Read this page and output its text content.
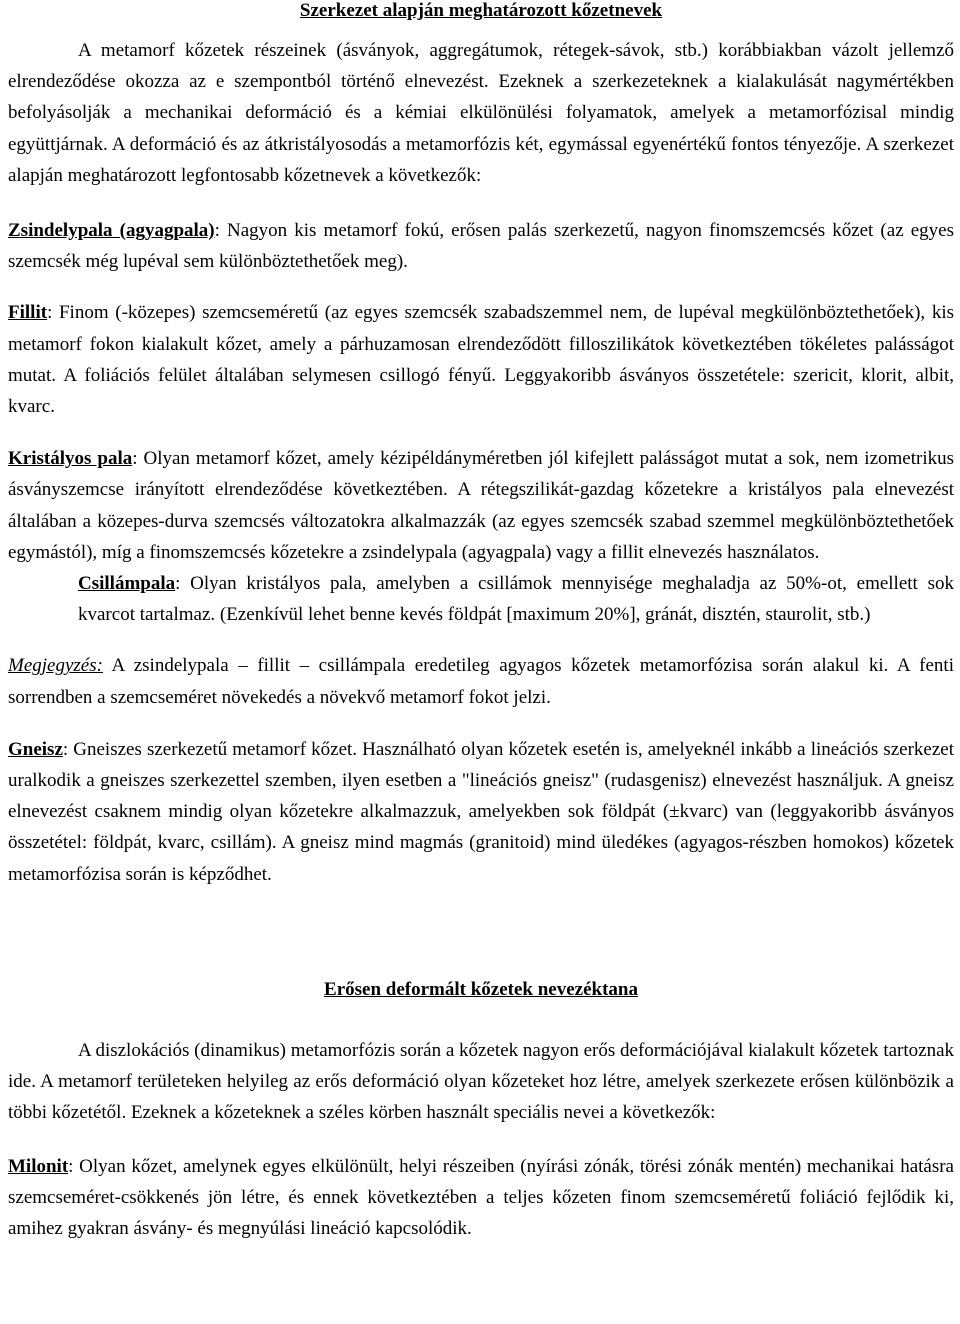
Szerkezet alapján meghatározott kőzetnevek

A metamorf kőzetek részeinek (ásványok, aggregátumok, rétegek-sávok, stb.) korábbiakban vázolt jellemző elrendeződése okozza az e szempontból történő elnevezést. Ezeknek a szerkezeteknek a kialakulását nagymértékben befolyásolják a mechanikai deformáció és a kémiai elkülönülési folyamatok, amelyek a metamorfózisal mindig együttjárnak. A deformáció és az átkristályosodás a metamorfózis két, egymással egyenértékű fontos tényezője. A szerkezet alapján meghatározott legfontosabb kőzetnevek a következők:

Zsindelypala (agyagpala): Nagyon kis metamorf fokú, erősen palás szerkezetű, nagyon finomszemcsés kőzet (az egyes szemcsék még lupéval sem különböztethetőek meg).

Fillit: Finom (-közepes) szemcseméretű (az egyes szemcsék szabadszemmel nem, de lupéval megkülönböztethetőek), kis metamorf fokon kialakult kőzet, amely a párhuzamosan elrendeződött filloszilikátok következtében tökéletes palásságot mutat. A foliációs felület általában selymesen csillogó fényű. Leggyakoribb ásványos összetétele: szericit, klorit, albit, kvarc.

Kristályos pala: Olyan metamorf kőzet, amely kézipéldányméretben jól kifejlett palásságot mutat a sok, nem izometrikus ásványszemcse irányított elrendeződése következtében. A rétegszilikát-gazdag kőzetekre a kristályos pala elnevezést általában a közepes-durva szemcsés változatokra alkalmazzák (az egyes szemcsék szabad szemmel megkülönböztethetőek egymástól), míg a finomszemcsés kőzetekre a zsindelypala (agyagpala) vagy a fillit elnevezés használatos.

Csillámpala: Olyan kristályos pala, amelyben a csillámok mennyisége meghaladja az 50%-ot, emellett sok kvarcot tartalmaz. (Ezenkívül lehet benne kevés földpát [maximum 20%], gránát, disztén, staurolit, stb.)

Megjegyzés: A zsindelypala – fillit – csillámpala eredetileg agyagos kőzetek metamorfózisa során alakul ki. A fenti sorrendben a szemcseméret növekedés a növekvő metamorf fokot jelzi.

Gneisz: Gneiszes szerkezetű metamorf kőzet. Használható olyan kőzetek esetén is, amelyeknél inkább a lineációs szerkezet uralkodik a gneiszes szerkezettel szemben, ilyen esetben a "lineációs gneisz" (rudasgenisz) elnevezést használjuk. A gneisz elnevezést csaknem mindig olyan kőzetekre alkalmazzuk, amelyekben sok földpát (±kvarc) van (leggyakoribb ásványos összetétel: földpát, kvarc, csillám). A gneisz mind magmás (granitoid) mind üledékes (agyagos-részben homokos) kőzetek metamorfózisa során is képződhet.

Erősen deformált kőzetek nevezéktana

A diszlokációs (dinamikus) metamorfózis során a kőzetek nagyon erős deformációjával kialakult kőzetek tartoznak ide. A metamorf területeken helyileg az erős deformáció olyan kőzeteket hoz létre, amelyek szerkezete erősen különbözik a többi kőzetétől. Ezeknek a kőzeteknek a széles körben használt speciális nevei a következők:

Milonit: Olyan kőzet, amelynek egyes elkülönült, helyi részeiben (nyírási zónák, törési zónák mentén) mechanikai hatásra szemcseméret-csökkenés jön létre, és ennek következtében a teljes kőzeten finom szemcseméretű foliáció fejlődik ki, amihez gyakran ásvány- és megnyúlási lineáció kapcsolódik.
